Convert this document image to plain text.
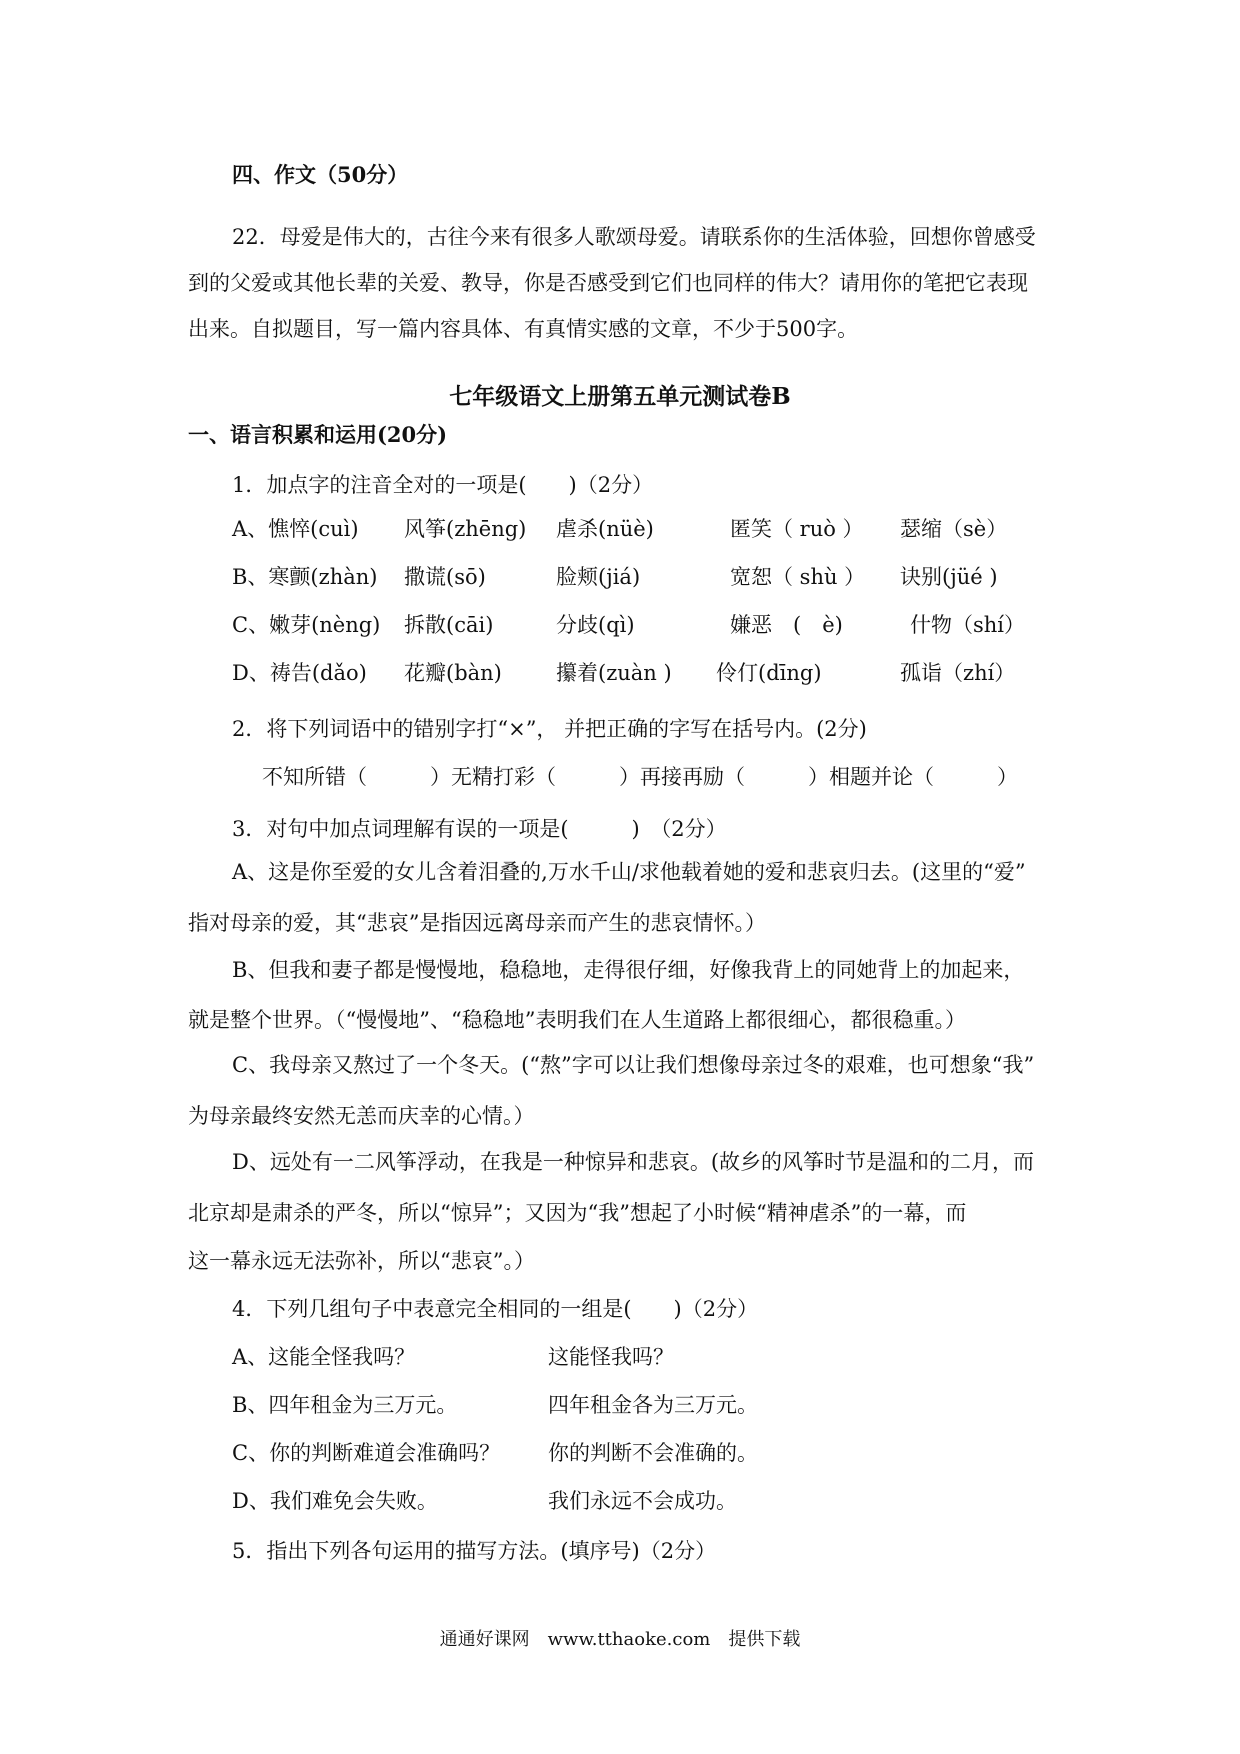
四、作文（50分）
22．母爱是伟大的，古往今来有很多人歌颂母爱。请联系你的生活体验，回想你曾感受
到的父爱或其他长辈的关爱、教导，你是否感受到它们也同样的伟大？请用你的笔把它表现
出来。自拟题目，写一篇内容具体、有真情实感的文章，不少于500字。
七年级语文上册第五单元测试卷B
一、语言积累和运用(20分)
1．加点字的注音全对的一项是(　　)（2分）
A、憔悴(cuì) 风筝(zhēng) 虐杀(nüè)	匿笑（ ruò ） 瑟缩（sè）
B、寒颤(zhàn) 撒谎(sō)	脸颊(jiá)	宽恕（ shù ） 诀别(jüé )
C、嫩芽(nèng) 拆散(cāi)	分歧(qì)	嫌恶　(　è)	什物（shí）
D、祷告(dǎo) 花瓣(bàn)	攥着(zuàn ) 伶仃(dīng)	孤诣（zhí）
2．将下列词语中的错别字打“×”， 并把正确的字写在括号内。(2分)
不知所错（　　　）无精打彩（　　　）再接再励（　　　）相题并论（　　　）
3．对句中加点词理解有误的一项是(　　　)　（2分）
A、这是你至爱的女儿含着泪叠的,万水千山/求他载着她的爱和悲哀归去。(这里的“爱”
指对母亲的爱，其“悲哀”是指因远离母亲而产生的悲哀情怀。）
B、但我和妻子都是慢慢地，稳稳地，走得很仔细，好像我背上的同她背上的加起来，
就是整个世界。（“慢慢地”、“稳稳地”表明我们在人生道路上都很细心，都很稳重。）
C、我母亲又熬过了一个冬天。(“熬”字可以让我们想像母亲过冬的艰难，也可想象“我”
为母亲最终安然无恙而庆幸的心情。）
D、远处有一二风筝浮动，在我是一种惊异和悲哀。(故乡的风筝时节是温和的二月，而
北京却是肃杀的严冬，所以“惊异”；又因为“我”想起了小时候“精神虐杀”的一幕，而
这一幕永远无法弥补，所以“悲哀”。）
4．下列几组句子中表意完全相同的一组是(　　)（2分）
A、这能全怪我吗？	这能怪我吗？
B、四年租金为三万元。	四年租金各为三万元。
C、你的判断难道会准确吗？ 你的判断不会准确的。
D、我们难免会失败。	我们永远不会成功。
5．指出下列各句运用的描写方法。(填序号)（2分）
通通好课网　www.tthaoke.com　提供下载
